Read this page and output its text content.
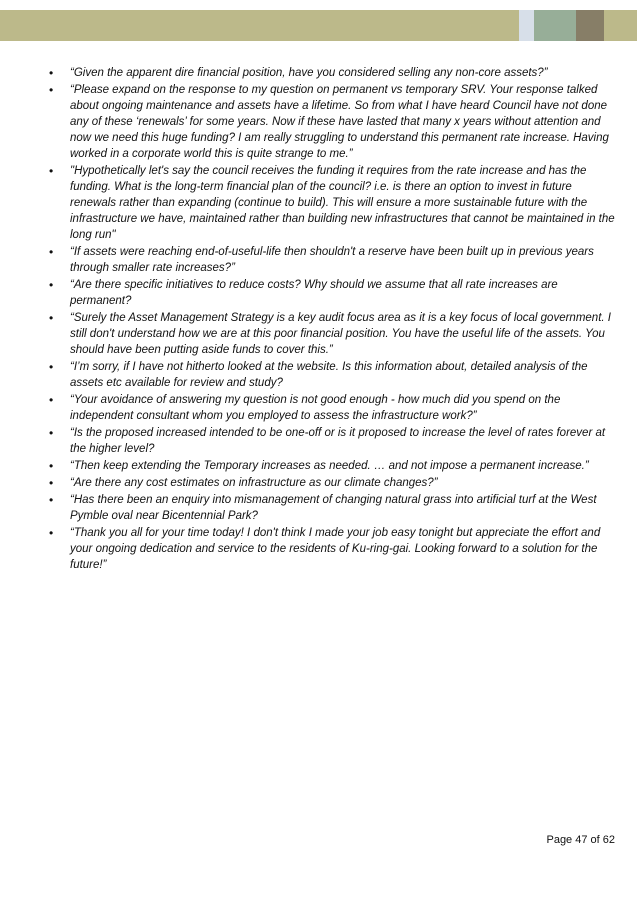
• “Given the apparent dire financial position, have you considered selling any non-core assets?”
• “Please expand on the response to my question on permanent vs temporary SRV. Your response talked about ongoing maintenance and assets have a lifetime. So from what I have heard Council have not done any of these ‘renewals’ for some years. Now if these have lasted that many x years without attention and now we need this huge funding? I am really struggling to understand this permanent rate increase. Having worked in a corporate world this is quite strange to me.”
• "Hypothetically let's say the council receives the funding it requires from the rate increase and has the funding. What is the long-term financial plan of the council? i.e. is there an option to invest in future renewals rather than expanding (continue to build). This will ensure a more sustainable future with the infrastructure we have, maintained rather than building new infrastructures that cannot be maintained in the long run"
• “If assets were reaching end-of-useful-life then shouldn't a reserve have been built up in previous years through smaller rate increases?”
• “Are there specific initiatives to reduce costs? Why should we assume that all rate increases are permanent?
• “Surely the Asset Management Strategy is a key audit focus area as it is a key focus of local government. I still don't understand how we are at this poor financial position. You have the useful life of the assets. You should have been putting aside funds to cover this.”
• “I’m sorry, if I have not hitherto looked at the website. Is this information about, detailed analysis of the assets etc available for review and study?
• “Your avoidance of answering my question is not good enough - how much did you spend on the independent consultant whom you employed to assess the infrastructure work?”
• “Is the proposed increased intended to be one-off or is it proposed to increase the level of rates forever at the higher level?
• “Then keep extending the Temporary increases as needed. … and not impose a permanent increase.”
• “Are there any cost estimates on infrastructure as our climate changes?”
• “Has there been an enquiry into mismanagement of changing natural grass into artificial turf at the West Pymble oval near Bicentennial Park?
• “Thank you all for your time today! I don't think I made your job easy tonight but appreciate the effort and your ongoing dedication and service to the residents of Ku-ring-gai. Looking forward to a solution for the future!”
Page 47 of 62
